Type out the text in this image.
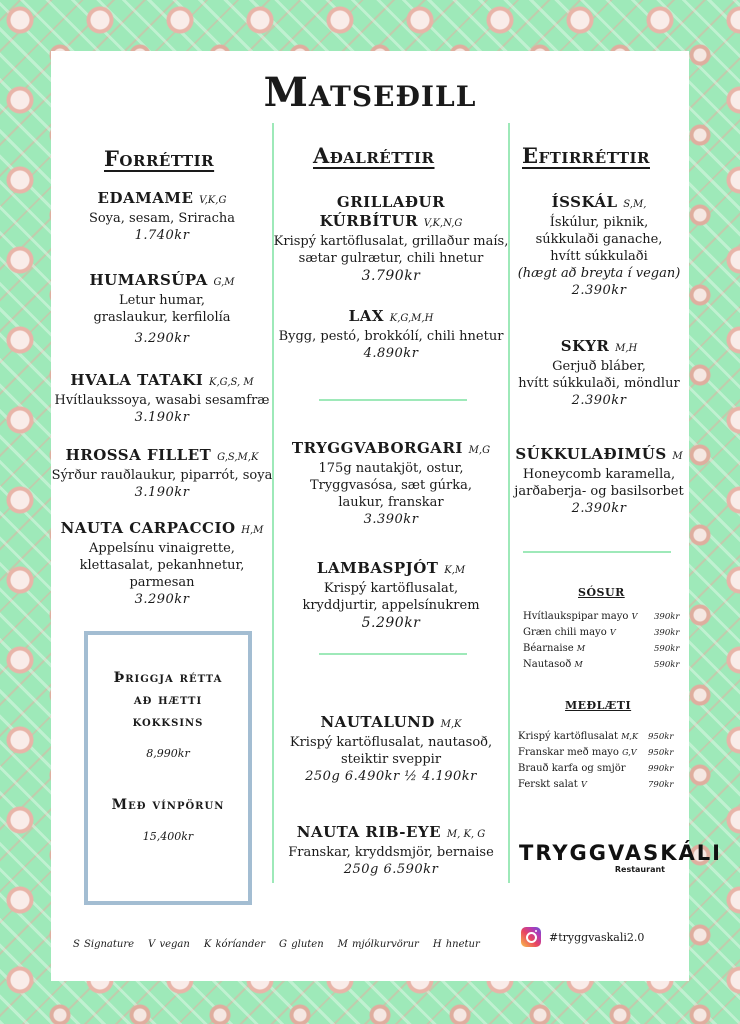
Matseðill
Forréttir	Aðalréttir	Eftirréttir
EDAMAME V,K,G
Soya, sesam, Sriracha
1.740kr
HUMARSÚPA G,M
Letur humar,
graslaukur, kerfilolía
3.290kr
HVALA TATAKI K,G,S, M
Hvítlaukssoya, wasabi sesamfræ
3.190kr
HROSSA FILLET G,S,M,K
Sýrður rauðlaukur, piparrót, soya
3.190kr
NAUTA CARPACCIO H,M
Appelsínu vinaigrette,
klettasalat, pekanhnetur,
parmesan
3.290kr
Þriggja rétta
að hætti
kokksins
8,990kr
Með vínpörun
15,400kr
GRILLAÐUR
KÚRBÍTUR V,K,N,G
Krispý kartöflusalat, grillaður maís,
sætar gulrætur, chili hnetur
3.790kr
LAX K,G,M,H
Bygg, pestó, brokkólí, chili hnetur
4.890kr
TRYGGVABORGARI M,G
175g nautakjöt, ostur,
Tryggvasósa, sæt gúrka,
laukur, franskar
3.390kr
LAMBASPJÓT K,M
Krispý kartöflusalat,
kryddjurtir, appelsínukrem
5.290kr
NAUTALUND M,K
Krispý kartöflusalat, nautasoð,
steiktir sveppir
250g 6.490kr ½ 4.190kr
NAUTA RIB-EYE M, K, G
Franskar, kryddsmjör, bernaise
250g 6.590kr
ÍSSKÁL S,M,
Ískúlur, piknik,
súkkulaði ganache,
hvítt súkkulaði
(hægt að breyta í vegan)
2.390kr
SKYR M,H
Gerjuð bláber,
hvítt súkkulaði, möndlur
2.390kr
SÚKKULAÐIMÚS M
Honeycomb karamella,
jarðaberja- og basilsorbet
2.390kr
SÓSUR
Hvítlaukspipar mayo V 390kr
Græn chili mayo V	390kr
Béarnaise M	590kr
Nautasoð M	590kr
MEÐLÆTI
Krispý kartöflusalat M,K 950kr
Franskar með mayo G,V 950kr
Brauð karfa og smjör	990kr
Ferskt salat V	790kr
TRYGGVASKÁLI
Restaurant
S Signature V vegan K kóríander G gluten M mjólkurvörur H hnetur
#tryggvaskali2.0
